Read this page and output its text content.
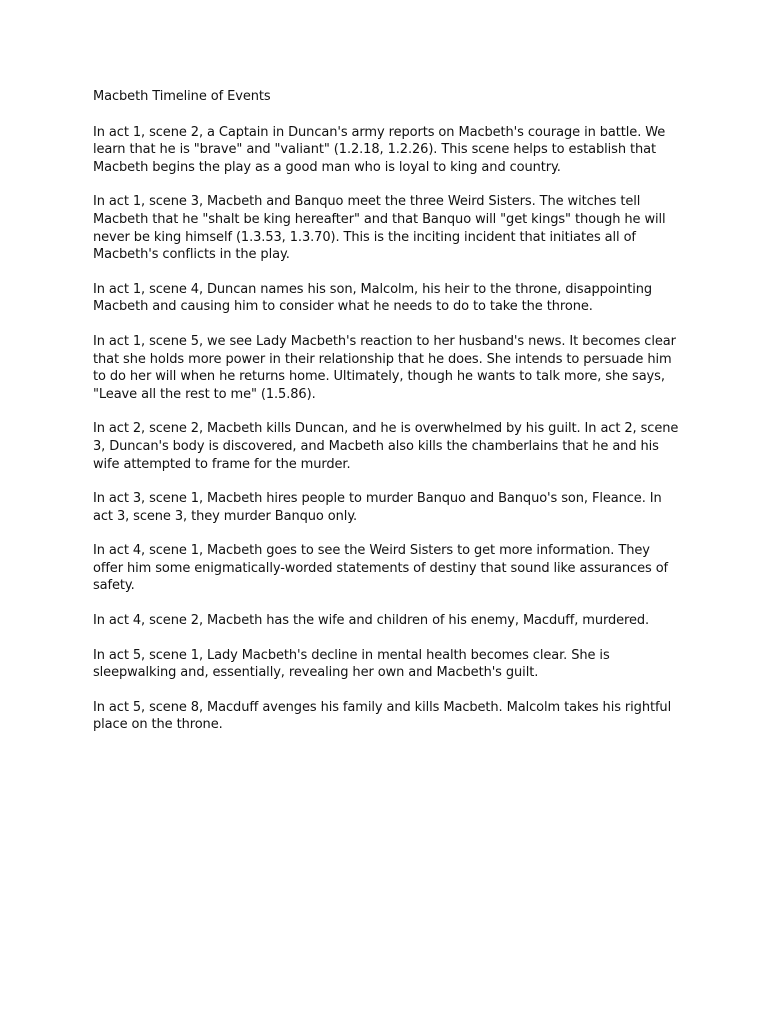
Macbeth Timeline of Events

In act 1, scene 2, a Captain in Duncan's army reports on Macbeth's courage in battle. We learn that he is "brave" and "valiant" (1.2.18, 1.2.26). This scene helps to establish that Macbeth begins the play as a good man who is loyal to king and country.

In act 1, scene 3, Macbeth and Banquo meet the three Weird Sisters. The witches tell Macbeth that he "shalt be king hereafter" and that Banquo will "get kings" though he will never be king himself (1.3.53, 1.3.70). This is the inciting incident that initiates all of Macbeth's conflicts in the play.

In act 1, scene 4, Duncan names his son, Malcolm, his heir to the throne, disappointing Macbeth and causing him to consider what he needs to do to take the throne.

In act 1, scene 5, we see Lady Macbeth's reaction to her husband's news. It becomes clear that she holds more power in their relationship that he does. She intends to persuade him to do her will when he returns home. Ultimately, though he wants to talk more, she says, "Leave all the rest to me" (1.5.86).

In act 2, scene 2, Macbeth kills Duncan, and he is overwhelmed by his guilt. In act 2, scene 3, Duncan's body is discovered, and Macbeth also kills the chamberlains that he and his wife attempted to frame for the murder.

In act 3, scene 1, Macbeth hires people to murder Banquo and Banquo's son, Fleance. In act 3, scene 3, they murder Banquo only.

In act 4, scene 1, Macbeth goes to see the Weird Sisters to get more information. They offer him some enigmatically-worded statements of destiny that sound like assurances of safety.

In act 4, scene 2, Macbeth has the wife and children of his enemy, Macduff, murdered.

In act 5, scene 1, Lady Macbeth's decline in mental health becomes clear. She is sleepwalking and, essentially, revealing her own and Macbeth's guilt.

In act 5, scene 8, Macduff avenges his family and kills Macbeth. Malcolm takes his rightful place on the throne.
